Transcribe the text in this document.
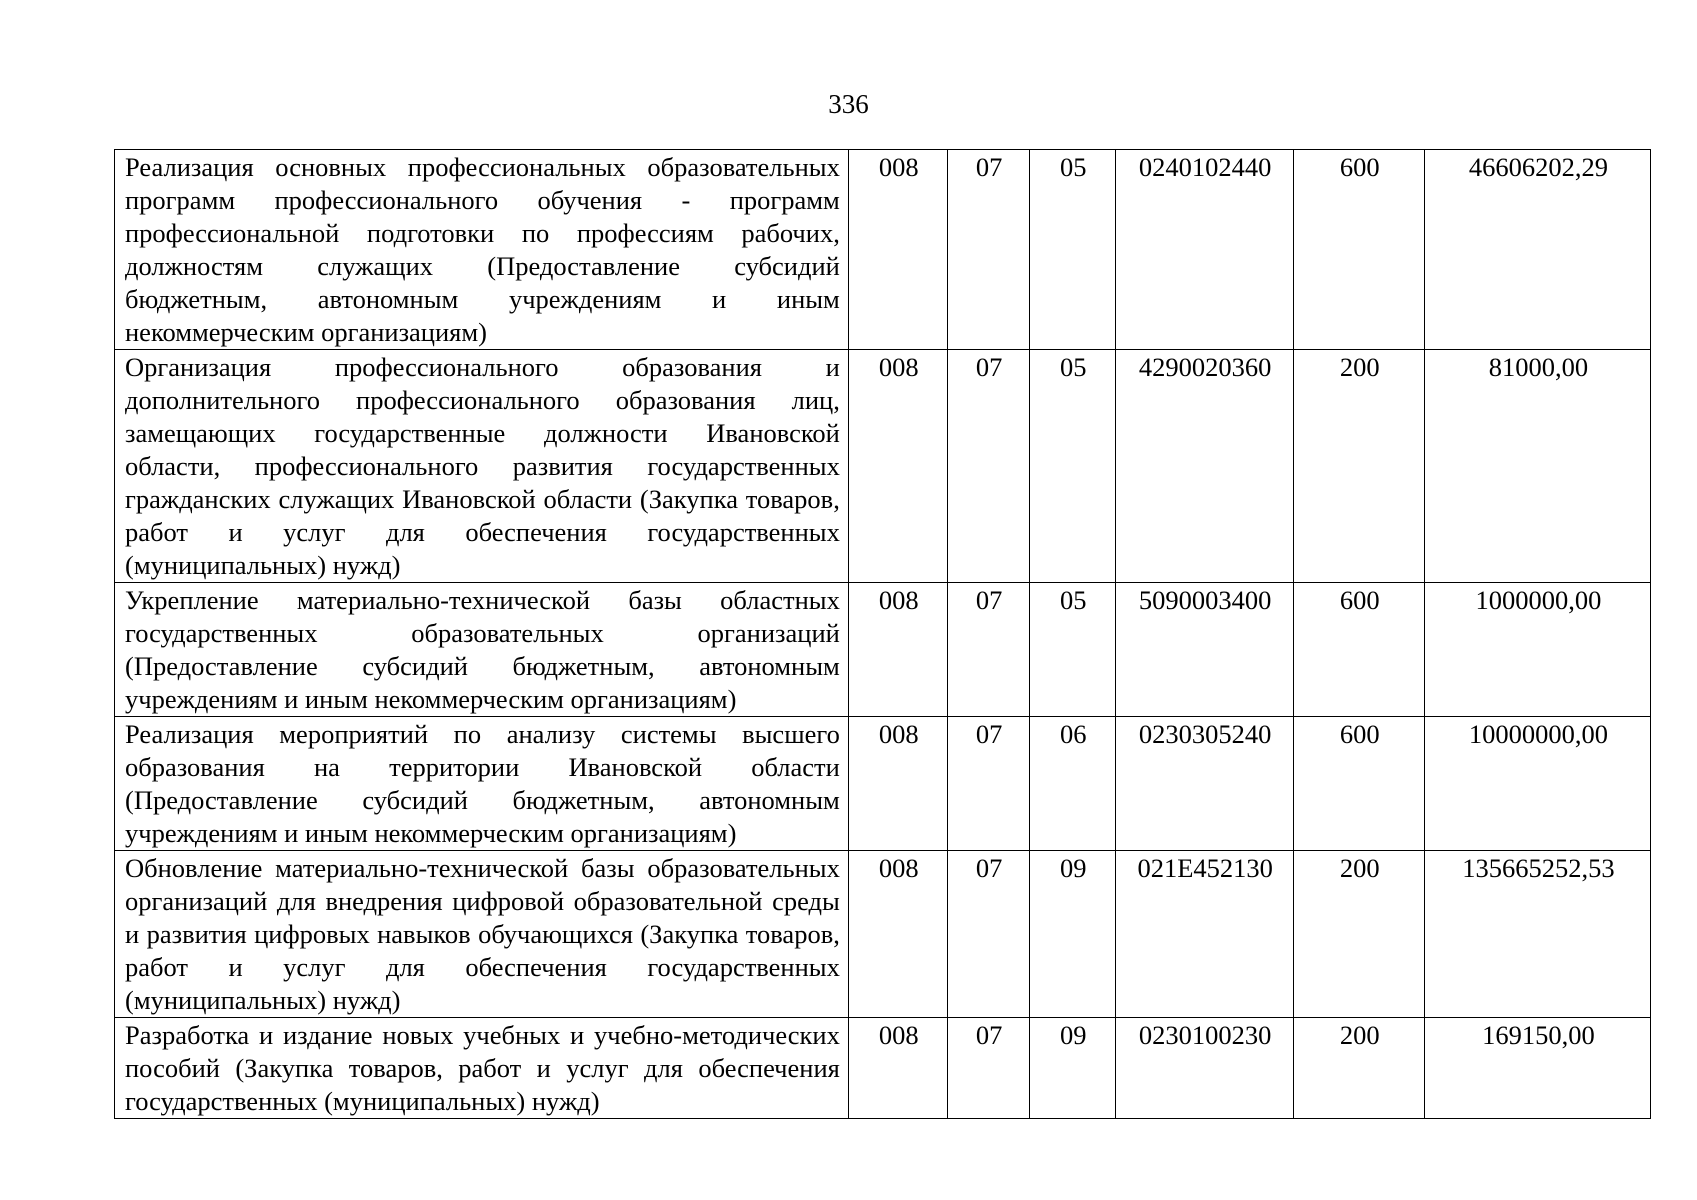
336
Реализация основных профессиональных образовательных программ профессионального обучения - программ профессиональной подготовки по профессиям рабочих, должностям служащих (Предоставление субсидий бюджетным, автономным учреждениям и иным некоммерческим организациям)	008	07	05	0240102440	600	46606202,29
Организация профессионального образования и дополнительного профессионального образования лиц, замещающих государственные должности Ивановской области, профессионального развития государственных гражданских служащих Ивановской области (Закупка товаров, работ и услуг для обеспечения государственных (муниципальных) нужд)	008	07	05	4290020360	200	81000,00
Укрепление материально-технической базы областных государственных образовательных организаций (Предоставление субсидий бюджетным, автономным учреждениям и иным некоммерческим организациям)	008	07	05	5090003400	600	1000000,00
Реализация мероприятий по анализу системы высшего образования на территории Ивановской области (Предоставление субсидий бюджетным, автономным учреждениям и иным некоммерческим организациям)	008	07	06	0230305240	600	10000000,00
Обновление материально-технической базы образовательных организаций для внедрения цифровой образовательной среды и развития цифровых навыков обучающихся (Закупка товаров, работ и услуг для обеспечения государственных (муниципальных) нужд)	008	07	09	021E452130	200	135665252,53
Разработка и издание новых учебных и учебно-методических пособий (Закупка товаров, работ и услуг для обеспечения государственных (муниципальных) нужд)	008	07	09	0230100230	200	169150,00
